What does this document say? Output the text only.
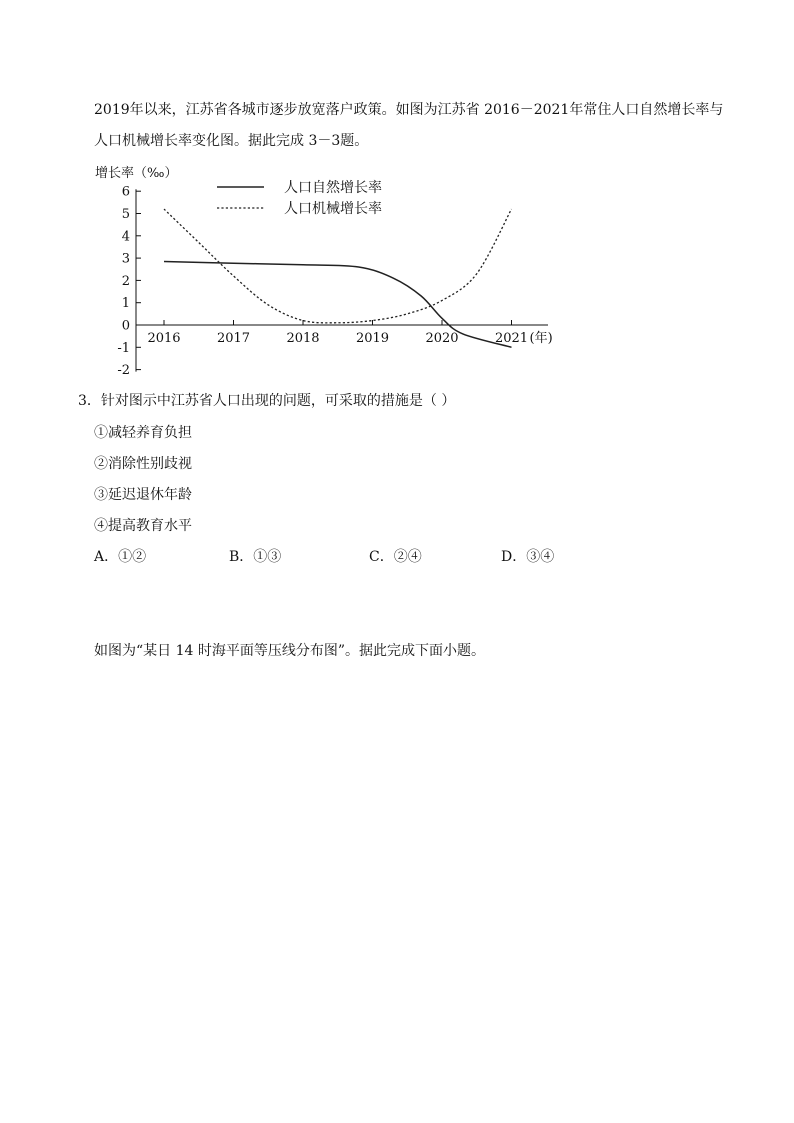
2019年以来，江苏省各城市逐步放宽落户政策。如图为江苏省 2016－2021年常住人口自然增长率与人口机械增长率变化图。据此完成 3－3题。

增长率（‰）
6
5
4
3
2
1
0
-1
-2
2016	2017	2018	2019	2020	2021 (年)
人口自然增长率
人口机械增长率
3．针对图示中江苏省人口出现的问题，可采取的措施是（ ）
①减轻养育负担
②消除性别歧视
③延迟退休年龄
④提高教育水平
A．①②	B．①③	C．②④	D．③④
如图为“某日 14 时海平面等压线分布图”。据此完成下面小题。
